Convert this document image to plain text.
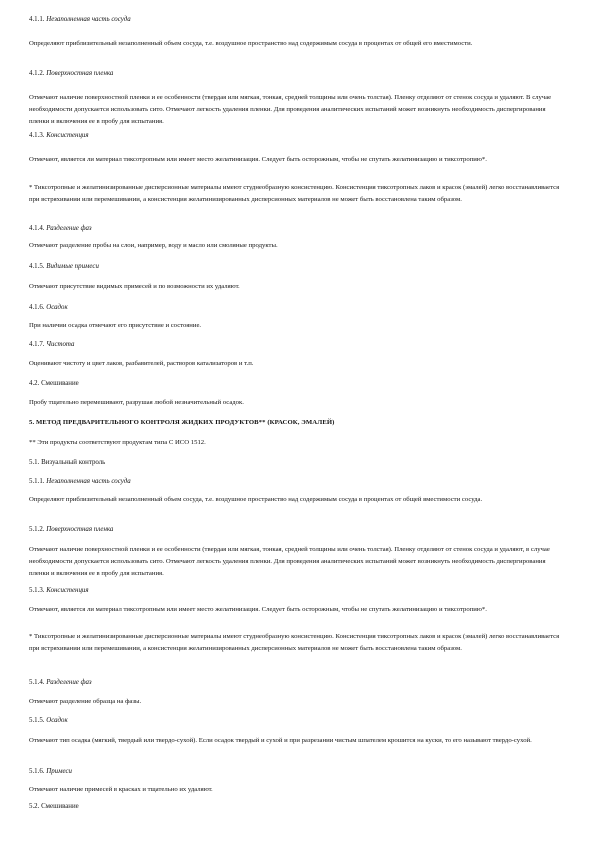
4.1.1. Незаполненная часть сосуда

Определяют приблизительный незаполненный объем сосуда, т.е. воздушное пространство над содержимым сосуда в процентах от общей его вместимости.

4.1.2. Поверхностная пленка

Отмечают наличие поверхностной пленки и ее особенности (твердая или мягкая, тонкая, средней толщины или очень толстая). Пленку отделяют от стенок сосуда и удаляют. В случае необходимости допускается использовать сито. Отмечают легкость удаления пленки. Для проведения аналитических испытаний может возникнуть необходимость диспергирования пленки и включения ее в пробу для испытания.

4.1.3. Консистенция

Отмечают, является ли материал тиксотропным или имеет место желатинизация. Следует быть осторожным, чтобы не спутать желатинизацию и тиксотропию*.

* Тиксотропные и желатинизированные дисперсионные материалы имеют студнеобразную консистенцию. Консистенция тиксотропных лаков и красок (эмалей) легко восстанавливается при встряхивании или перемешивании, а консистенция желатинизированных дисперсионных материалов не может быть восстановлена таким образом.

4.1.4. Разделение фаз

Отмечают разделение пробы на слои, например, воду и масло или смоляные продукты.

4.1.5. Видимые примеси

Отмечают присутствие видимых примесей и по возможности их удаляют.

4.1.6. Осадок

При наличии осадка отмечают его присутствие и состояние.

4.1.7. Чистота

Оценивают чистоту и цвет лаков, разбавителей, растворов катализаторов и т.п.

4.2. Смешивание

Пробу тщательно перемешивают, разрушая любой незначительный осадок.

5. МЕТОД ПРЕДВАРИТЕЛЬНОГО КОНТРОЛЯ ЖИДКИХ ПРОДУКТОВ** (КРАСОК, ЭМАЛЕЙ)

** Эти продукты соответствуют продуктам типа С ИСО 1512.

5.1. Визуальный контроль

5.1.1. Незаполненная часть сосуда

Определяют приблизительный незаполненный объем сосуда, т.е. воздушное пространство над содержимым сосуда в процентах от общей вместимости сосуда.

5.1.2. Поверхностная пленка

Отмечают наличие поверхностной пленки и ее особенности (твердая или мягкая, тонкая, средней толщины или очень толстая). Пленку отделяют от стенок сосуда и удаляют, в случае необходимости допускается использовать сито. Отмечают легкость удаления пленки. Для проведения аналитических испытаний может возникнуть необходимость диспергирования пленки и включения ее в пробу для испытания.

5.1.3. Консистенция

Отмечают, является ли материал тиксотропным или имеет место желатинизация. Следует быть осторожным, чтобы не спутать желатинизацию и тиксотропию*.

* Тиксотропные и желатинизированные дисперсионные материалы имеют студнеобразную консистенцию. Консистенция тиксотропных лаков и красок (эмалей) легко восстанавливается при встряхивании или перемешивании, а консистенция желатинизированных дисперсионных материалов не может быть восстановлена таким образом.

5.1.4. Разделение фаз

Отмечают разделение образца на фазы.

5.1.5. Осадок

Отмечают тип осадка (мягкий, твердый или твердо-сухой). Если осадок твердый и сухой и при разрезании чистым шпателем крошится на куски, то его называют твердо-сухой.

5.1.6. Примеси

Отмечают наличие примесей в красках и тщательно их удаляют.

5.2. Смешивание
